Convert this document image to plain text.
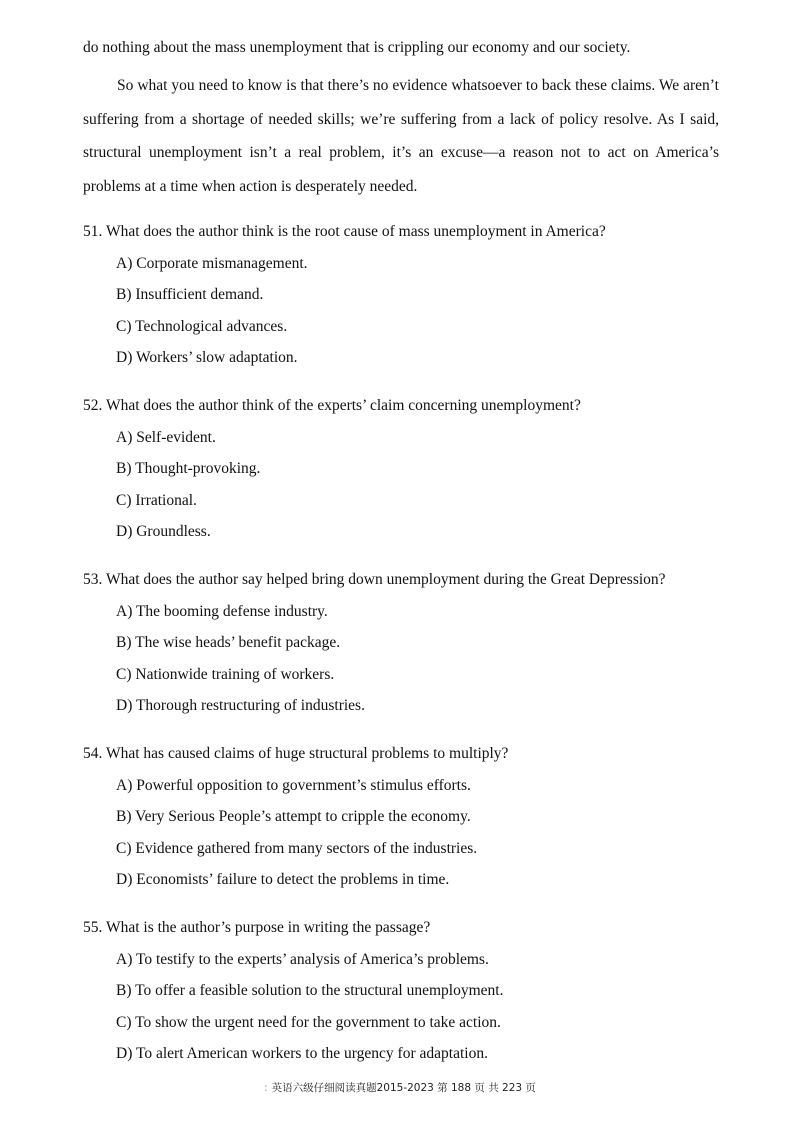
do nothing about the mass unemployment that is crippling our economy and our society.

So what you need to know is that there’s no evidence whatsoever to back these claims. We aren’t suffering from a shortage of needed skills; we’re suffering from a lack of policy resolve. As I said, structural unemployment isn’t a real problem, it’s an excuse—a reason not to act on America’s problems at a time when action is desperately needed.

51. What does the author think is the root cause of mass unemployment in America?

A) Corporate mismanagement.
B) Insufficient demand.
C) Technological advances.
D) Workers’ slow adaptation.

52. What does the author think of the experts’ claim concerning unemployment?

A) Self-evident.
B) Thought-provoking.
C) Irrational.
D) Groundless.

53. What does the author say helped bring down unemployment during the Great Depression?

A) The booming defense industry.
B) The wise heads’ benefit package.
C) Nationwide training of workers.
D) Thorough restructuring of industries.

54. What has caused claims of huge structural problems to multiply?

A) Powerful opposition to government’s stimulus efforts.
B) Very Serious People’s attempt to cripple the economy.
C) Evidence gathered from many sectors of the industries.
D) Economists’ failure to detect the problems in time.

55. What is the author’s purpose in writing the passage?

A) To testify to the experts’ analysis of America’s problems.
B) To offer a feasible solution to the structural unemployment.
C) To show the urgent need for the government to take action.
D) To alert American workers to the urgency for adaptation.
: 英语六级仔细阅读真题2015-2023 第 188 页 共 223 页
